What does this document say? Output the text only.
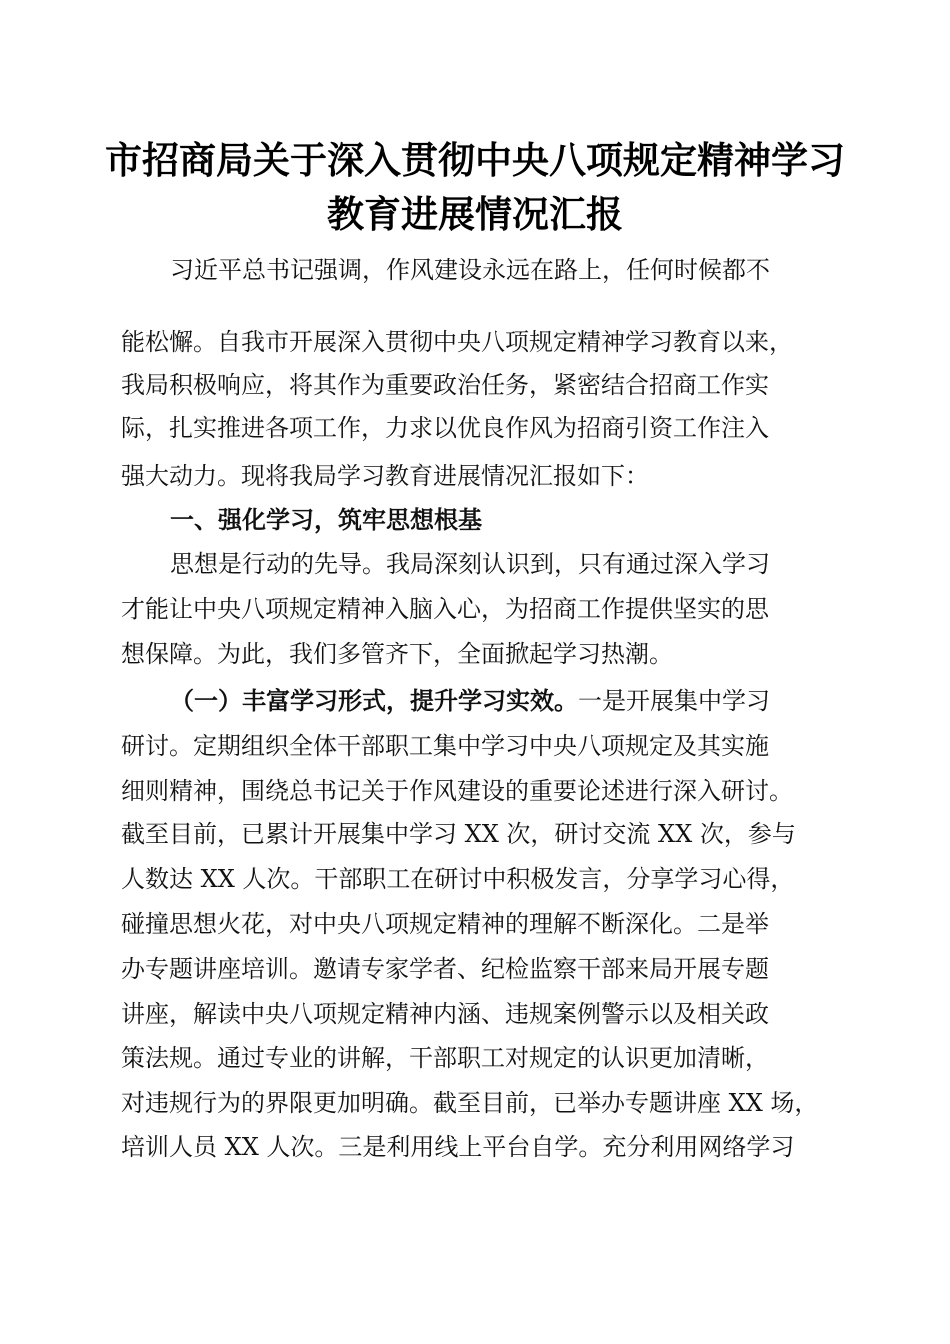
市招商局关于深入贯彻中央八项规定精神学习
教育进展情况汇报
习近平总书记强调，作风建设永远在路上，任何时候都不
能松懈。自我市开展深入贯彻中央八项规定精神学习教育以来，
我局积极响应，将其作为重要政治任务，紧密结合招商工作实
际，扎实推进各项工作，力求以优良作风为招商引资工作注入
强大动力。现将我局学习教育进展情况汇报如下：
一、强化学习，筑牢思想根基
思想是行动的先导。我局深刻认识到，只有通过深入学习
才能让中央八项规定精神入脑入心，为招商工作提供坚实的思
想保障。为此，我们多管齐下，全面掀起学习热潮。
（一）丰富学习形式，提升学习实效。一是开展集中学习
研讨。定期组织全体干部职工集中学习中央八项规定及其实施
细则精神，围绕总书记关于作风建设的重要论述进行深入研讨。
截至目前，已累计开展集中学习 XX 次，研讨交流 XX 次，参与
人数达 XX 人次。干部职工在研讨中积极发言，分享学习心得，
碰撞思想火花，对中央八项规定精神的理解不断深化。二是举
办专题讲座培训。邀请专家学者、纪检监察干部来局开展专题
讲座，解读中央八项规定精神内涵、违规案例警示以及相关政
策法规。通过专业的讲解，干部职工对规定的认识更加清晰，
对违规行为的界限更加明确。截至目前，已举办专题讲座 XX 场，
培训人员 XX 人次。三是利用线上平台自学。充分利用网络学习
